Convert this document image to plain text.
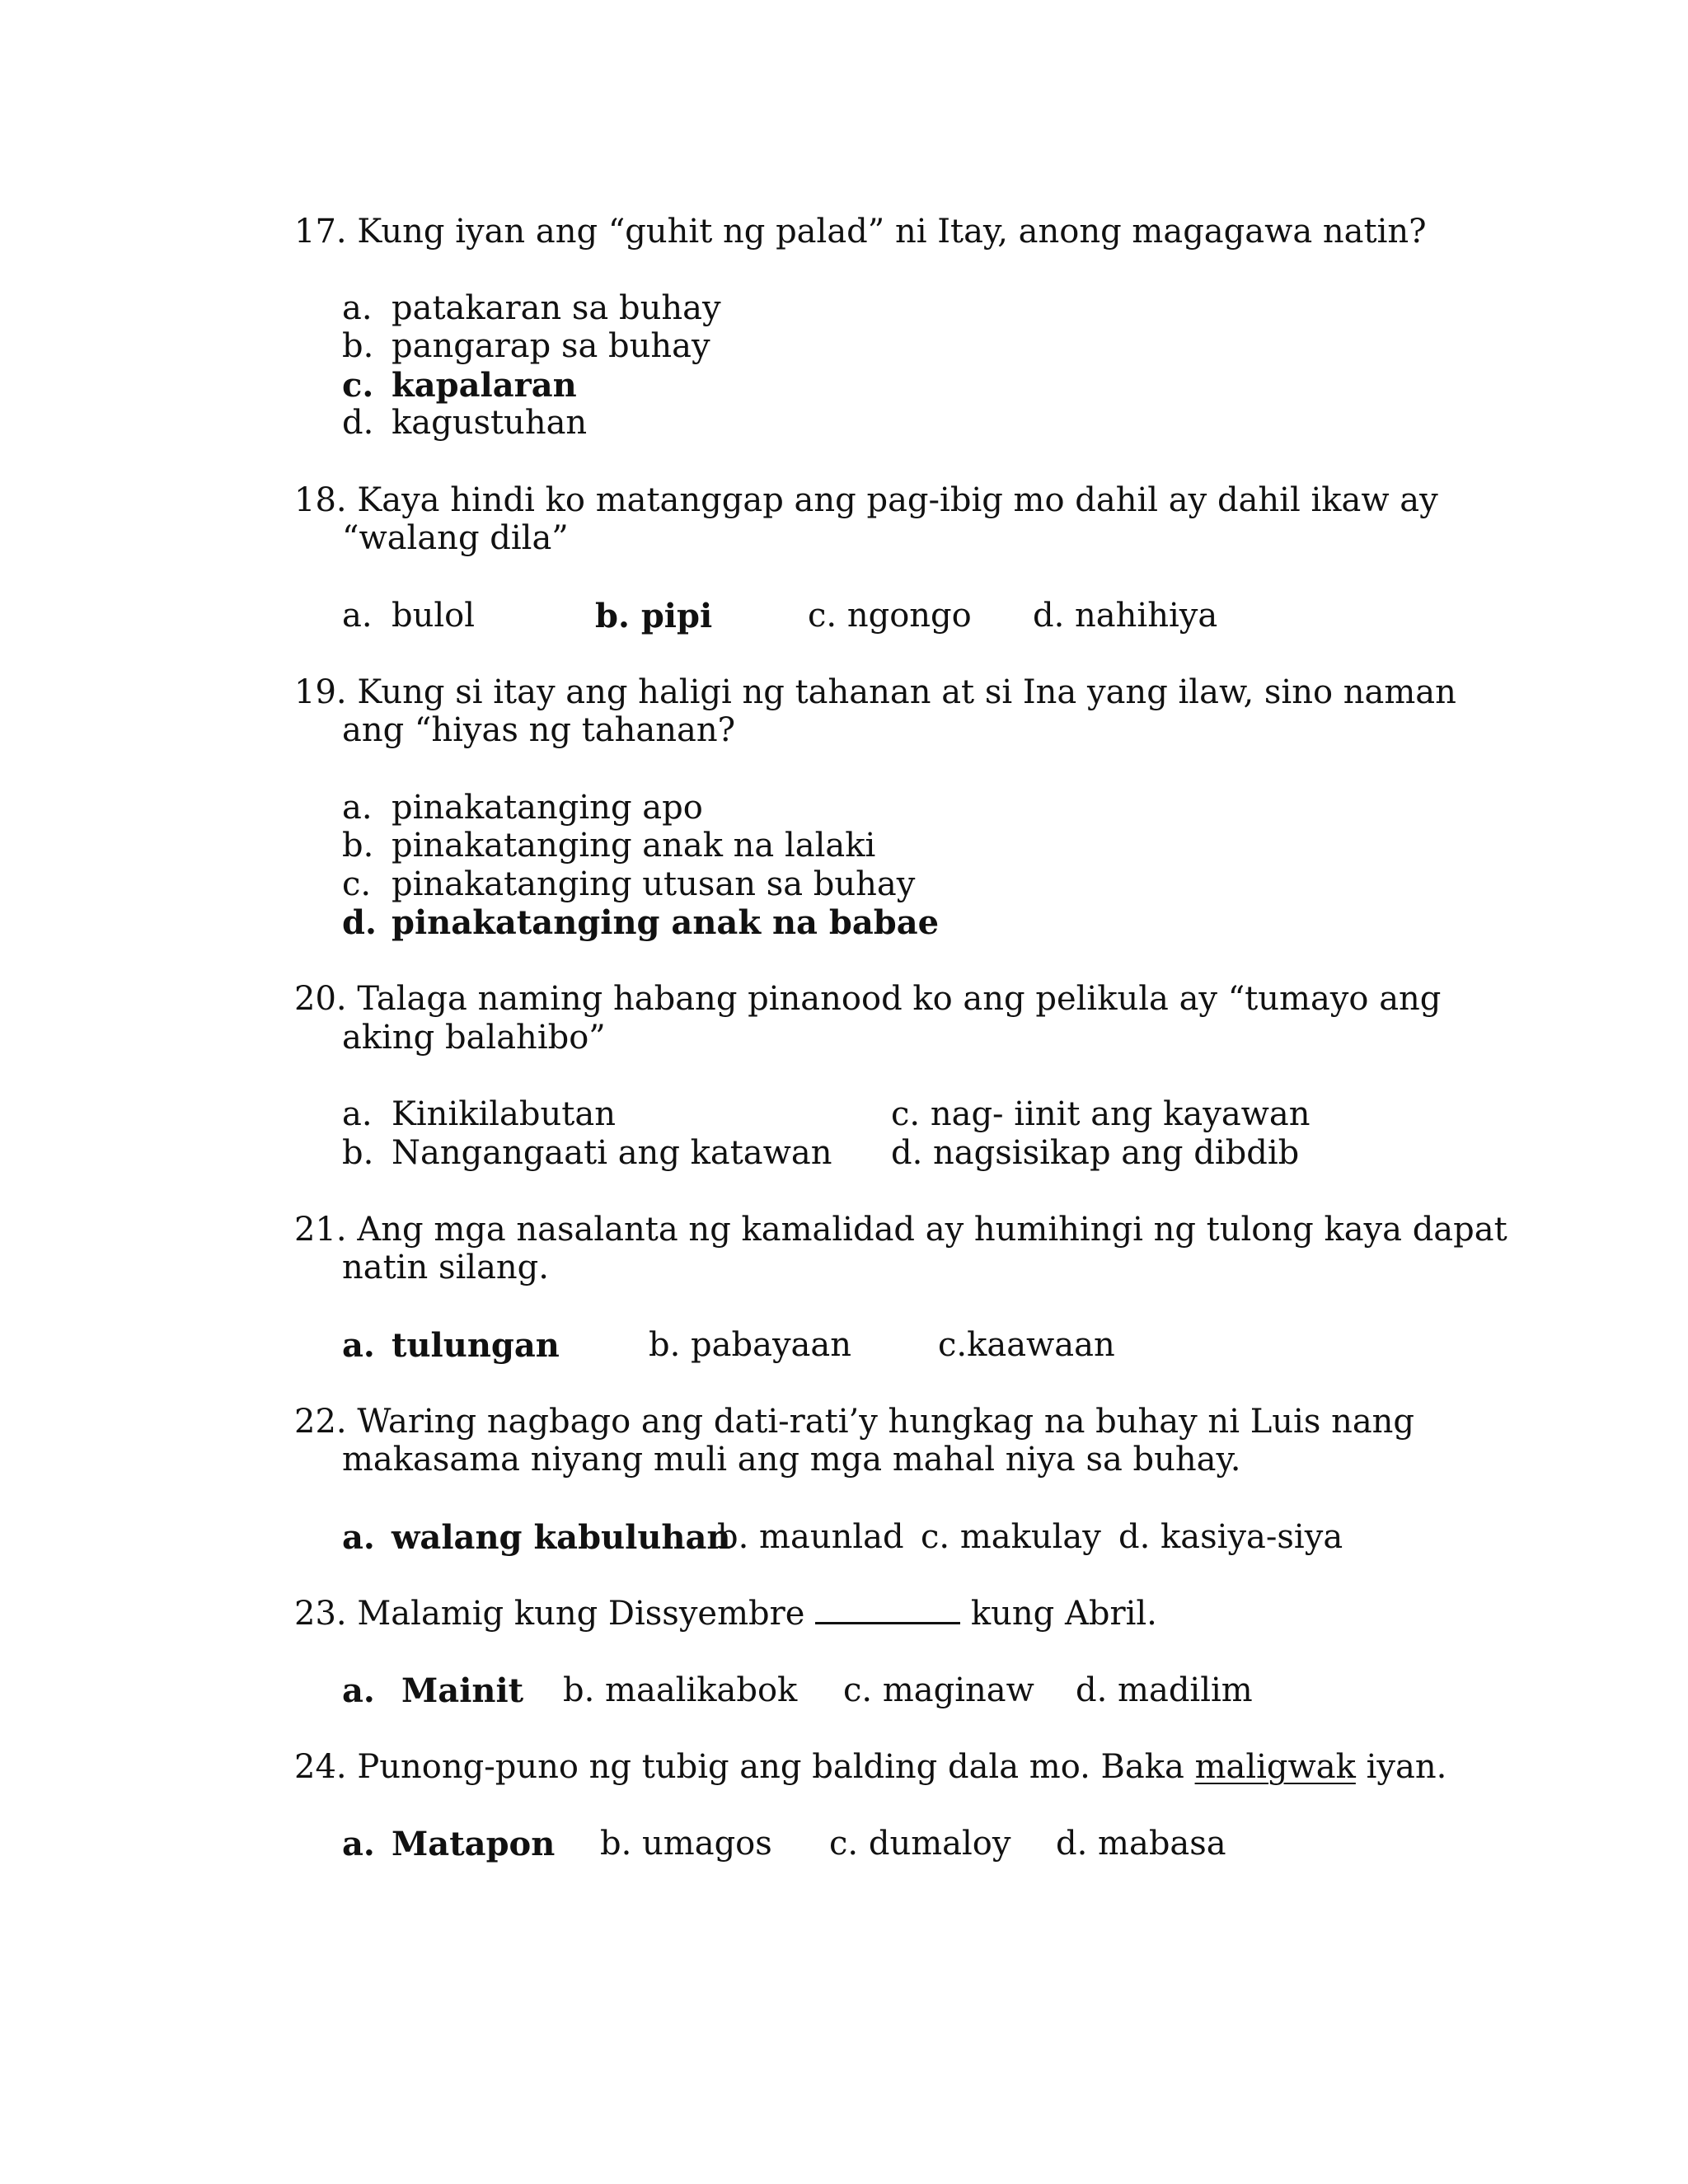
17. Kung iyan ang “guhit ng palad” ni Itay, anong magagawa natin?
a. patakaran sa buhay
b. pangarap sa buhay
c. kapalaran
d. kagustuhan
18. Kaya hindi ko matanggap ang pag-ibig mo dahil ay dahil ikaw ay
“walang dila”
a. bulol	b. pipi	c. ngongo d. nahihiya
19. Kung si itay ang haligi ng tahanan at si Ina yang ilaw, sino naman
ang “hiyas ng tahanan?
a. pinakatanging apo
b. pinakatanging anak na lalaki
c. pinakatanging utusan sa buhay
d. pinakatanging anak na babae
20. Talaga naming habang pinanood ko ang pelikula ay “tumayo ang
aking balahibo”
a. Kinikilabutan	c. nag- iinit ang kayawan
b. Nangangaati ang katawan d. nagsisikap ang dibdib
21. Ang mga nasalanta ng kamalidad ay humihingi ng tulong kaya dapat
natin silang.
a. tulungan	b. pabayaan	c.kaawaan
22. Waring nagbago ang dati-rati’y hungkag na buhay ni Luis nang
makasama niyang muli ang mga mahal niya sa buhay.
a. walang kabuluhan
b. maunlad c. makulay d. kasiya-siya
23. Malamig kung Dissyembre	kung Abril.
a. Mainit b. maalikabok c. maginaw d. madilim
24. Punong-puno ng tubig ang balding dala mo. Baka maligwak iyan.
a. Matapon b. umagos c. dumaloy d. mabasa
